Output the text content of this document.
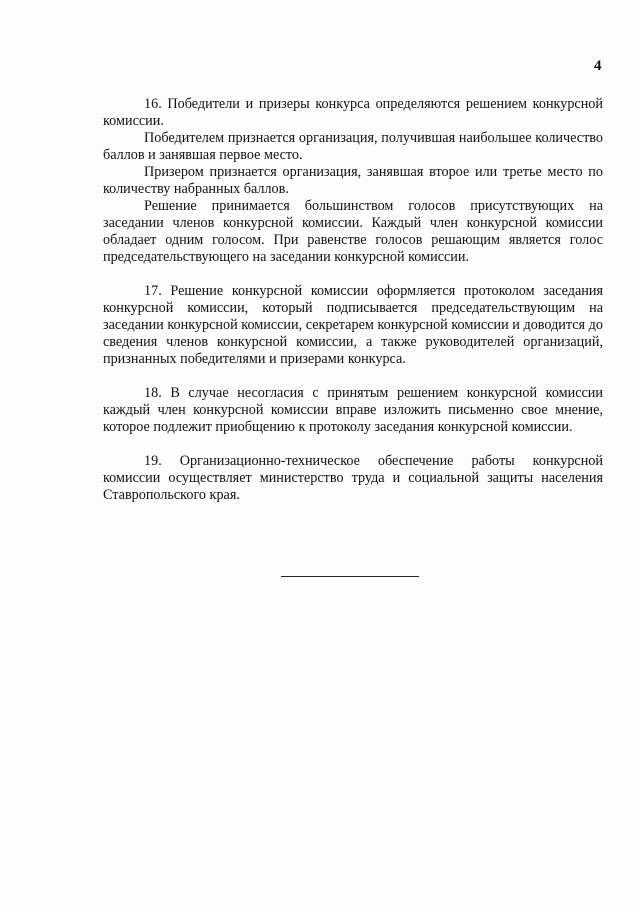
4

16. Победители и призеры конкурса определяются решением конкурсной комиссии.

Победителем признается организация, получившая наибольшее количество баллов и занявшая первое место.

Призером признается организация, занявшая второе или третье место по количеству набранных баллов.

Решение принимается большинством голосов присутствующих на заседании членов конкурсной комиссии. Каждый член конкурсной комиссии обладает одним голосом. При равенстве голосов решающим является голос председательствующего на заседании конкурсной комиссии.

17. Решение конкурсной комиссии оформляется протоколом заседания конкурсной комиссии, который подписывается председательствующим на заседании конкурсной комиссии, секретарем конкурсной комиссии и доводится до сведения членов конкурсной комиссии, а также руководителей организаций, признанных победителями и призерами конкурса.

18. В случае несогласия с принятым решением конкурсной комиссии каждый член конкурсной комиссии вправе изложить письменно свое мнение, которое подлежит приобщению к протоколу заседания конкурсной комиссии.

19. Организационно-техническое обеспечение работы конкурсной комиссии осуществляет министерство труда и социальной защиты населения Ставропольского края.
